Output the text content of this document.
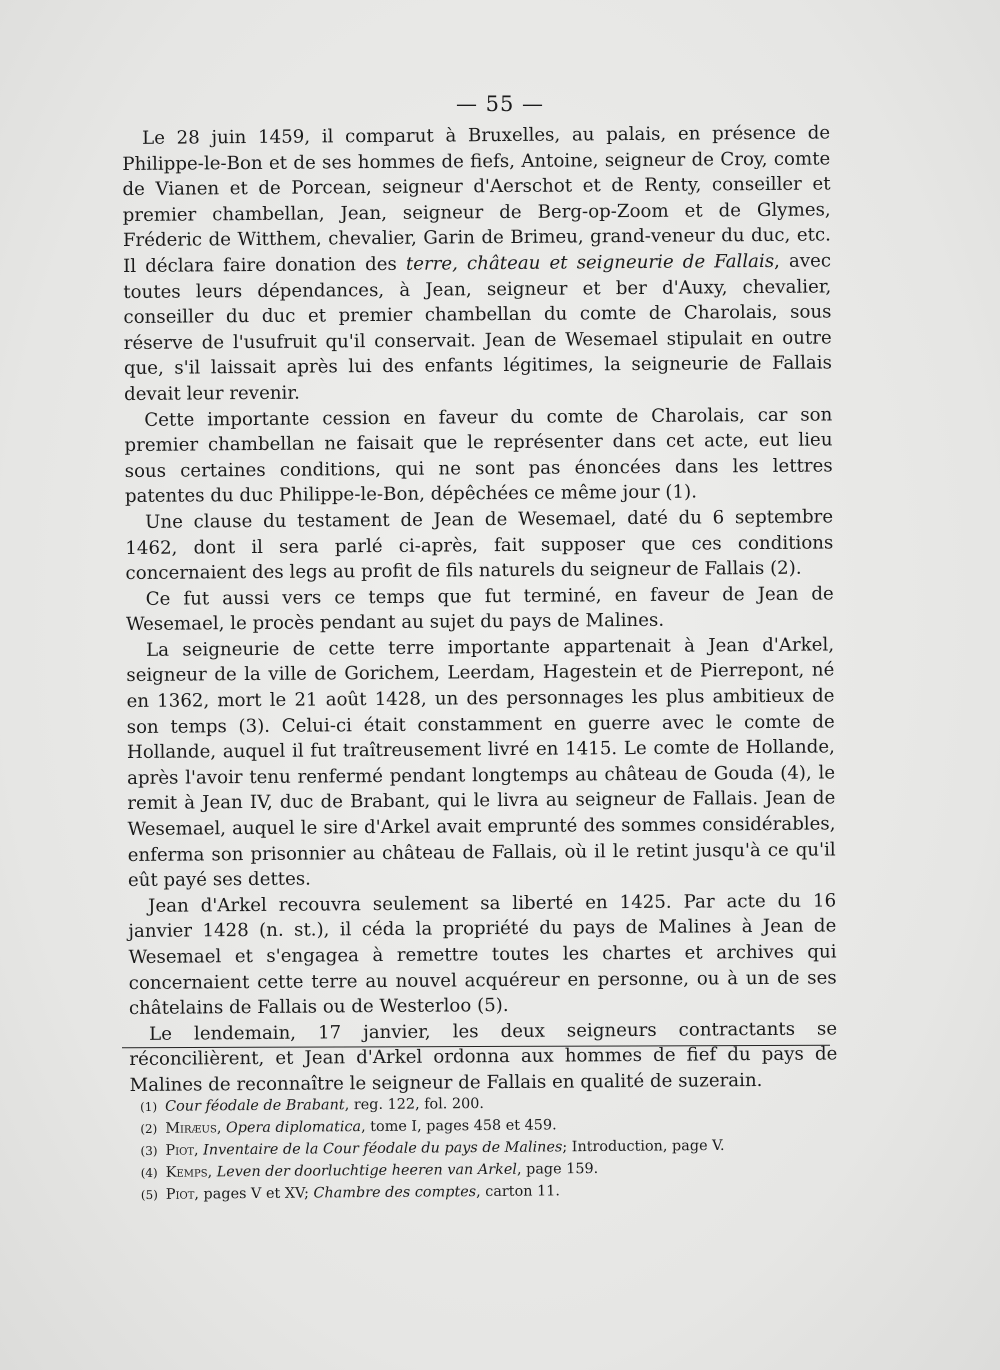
— 55 —

Le 28 juin 1459, il comparut à Bruxelles, au palais, en présence de Philippe-le-Bon et de ses hommes de fiefs, Antoine, seigneur de Croy, comte de Vianen et de Porcean, seigneur d'Aerschot et de Renty, conseiller et premier chambellan, Jean, seigneur de Berg-op-Zoom et de Glymes, Fréderic de Witthem, chevalier, Garin de Brimeu, grand-veneur du duc, etc. Il déclara faire donation des terre, château et seigneurie de Fallais, avec toutes leurs dépendances, à Jean, seigneur et ber d'Auxy, chevalier, conseiller du duc et premier chambellan du comte de Charolais, sous réserve de l'usufruit qu'il conservait. Jean de Wesemael stipulait en outre que, s'il laissait après lui des enfants légitimes, la seigneurie de Fallais devait leur revenir.

Cette importante cession en faveur du comte de Charolais, car son premier chambellan ne faisait que le représenter dans cet acte, eut lieu sous certaines conditions, qui ne sont pas énoncées dans les lettres patentes du duc Philippe-le-Bon, dépêchées ce même jour (1).

Une clause du testament de Jean de Wesemael, daté du 6 septembre 1462, dont il sera parlé ci-après, fait supposer que ces conditions concernaient des legs au profit de fils naturels du seigneur de Fallais (2).

Ce fut aussi vers ce temps que fut terminé, en faveur de Jean de Wesemael, le procès pendant au sujet du pays de Malines.

La seigneurie de cette terre importante appartenait à Jean d'Arkel, seigneur de la ville de Gorichem, Leerdam, Hagestein et de Pierrepont, né en 1362, mort le 21 août 1428, un des personnages les plus ambitieux de son temps (3). Celui-ci était constamment en guerre avec le comte de Hollande, auquel il fut traîtreusement livré en 1415. Le comte de Hollande, après l'avoir tenu renfermé pendant longtemps au château de Gouda (4), le remit à Jean IV, duc de Brabant, qui le livra au seigneur de Fallais. Jean de Wesemael, auquel le sire d'Arkel avait emprunté des sommes considérables, enferma son prisonnier au château de Fallais, où il le retint jusqu'à ce qu'il eût payé ses dettes.

Jean d'Arkel recouvra seulement sa liberté en 1425. Par acte du 16 janvier 1428 (n. st.), il céda la propriété du pays de Malines à Jean de Wesemael et s'engagea à remettre toutes les chartes et archives qui concernaient cette terre au nouvel acquéreur en personne, ou à un de ses châtelains de Fallais ou de Westerloo (5).

Le lendemain, 17 janvier, les deux seigneurs contractants se réconcilièrent, et Jean d'Arkel ordonna aux hommes de fief du pays de Malines de reconnaître le seigneur de Fallais en qualité de suzerain.

(1) Cour féodale de Brabant, reg. 122, fol. 200.
(2) Miræus, Opera diplomatica, tome I, pages 458 et 459.
(3) Piot, Inventaire de la Cour féodale du pays de Malines; Introduction, page V.
(4) Kemps, Leven der doorluchtige heeren van Arkel, page 159.
(5) Piot, pages V et XV; Chambre des comptes, carton 11.
